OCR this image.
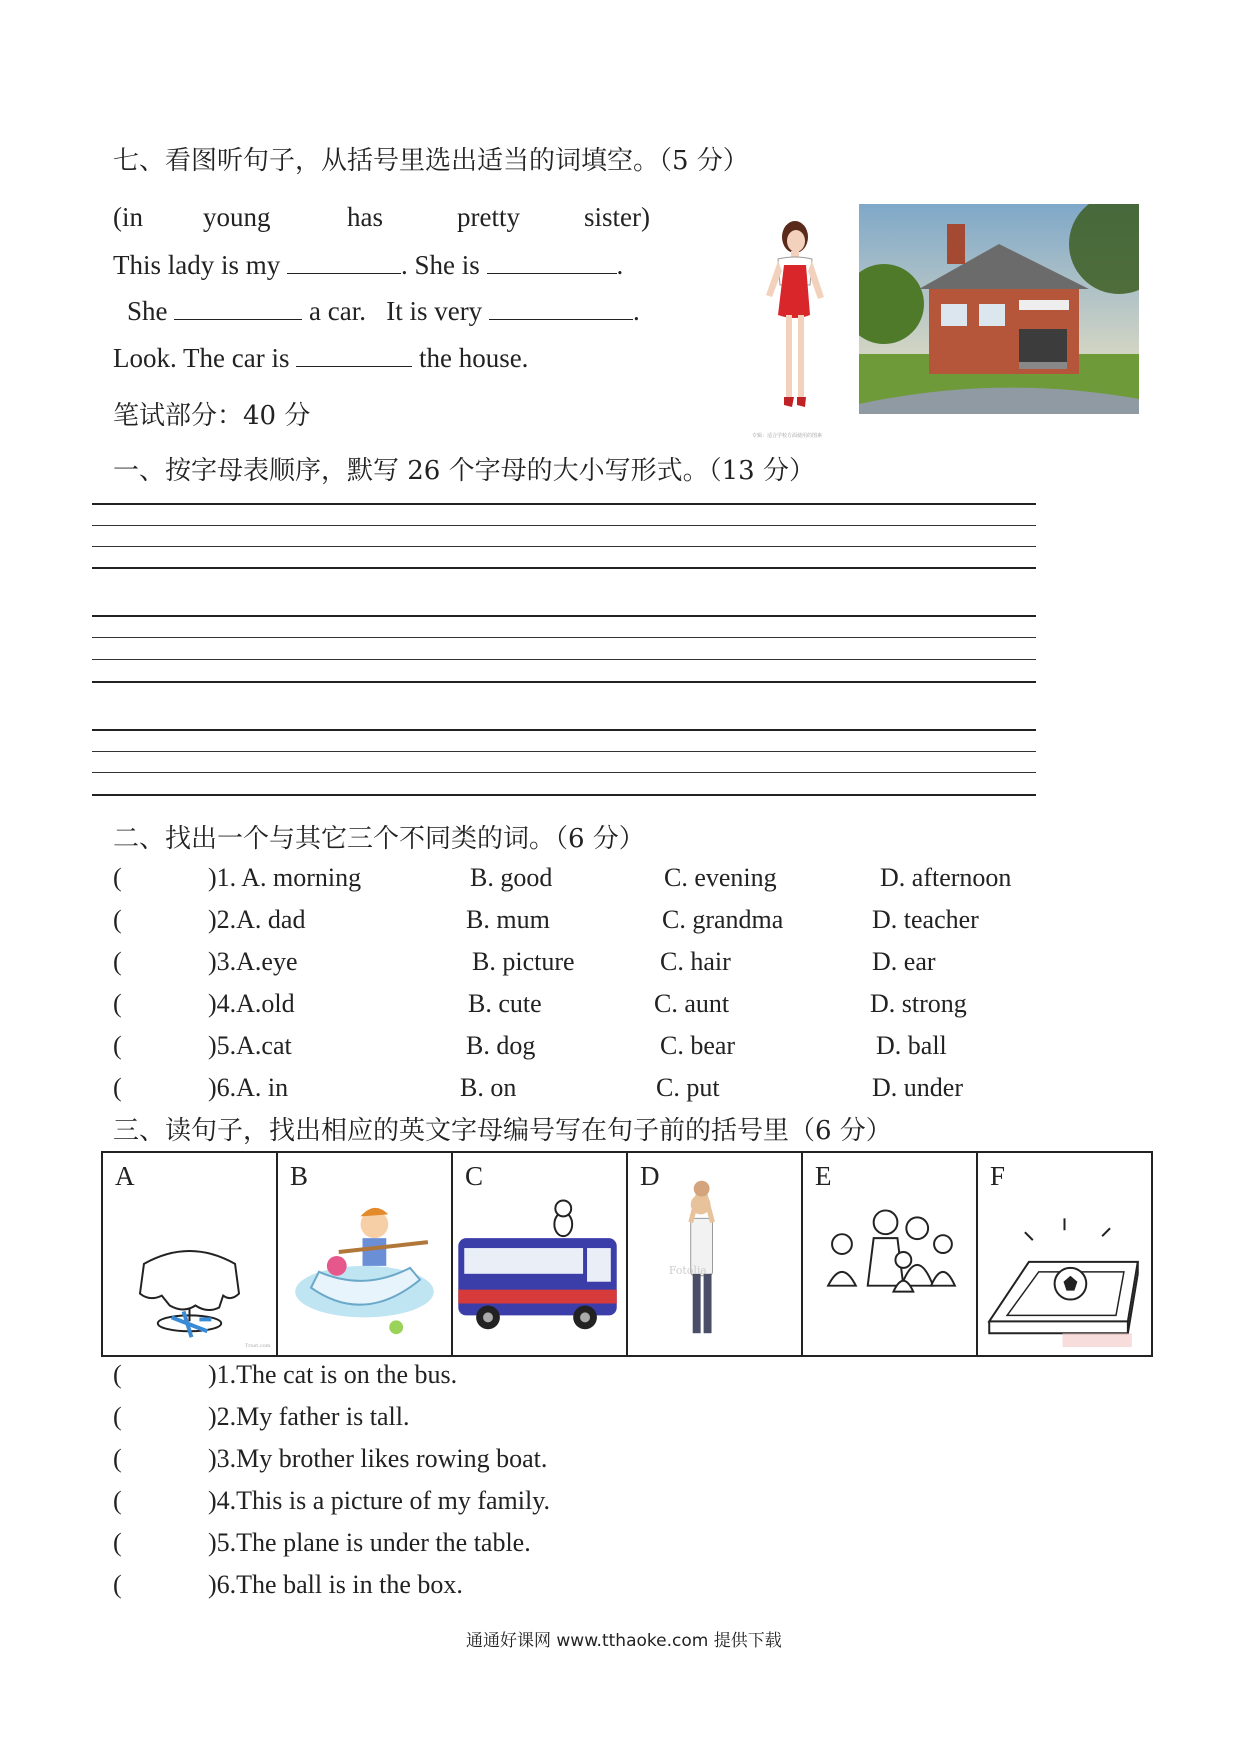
七、看图听句子，从括号里选出适当的词填空。（5 分）
(in young	has	pretty sister)
This lady is my	. She is	.
She	a car. It is very	.
Look. The car is	the house.
专辑：适合学校方面使用的图素
笔试部分：40 分
一、按字母表顺序，默写 26 个字母的大小写形式。（13 分）
二、找出一个与其它三个不同类的词。（6 分）
(	)1. A. morning	B. good	C. evening	D. afternoon
(	)2.A. dad	B. mum	C. grandma	D. teacher
(	)3.A.eye	B. picture	C. hair	D. ear
(	)4.A.old	B. cute	C. aunt	D. strong
(	)5.A.cat	B. dog	C. bear	D. ball
(	)6.A. in	B. on	C. put	D. under
三、读句子，找出相应的英文字母编号写在句子前的括号里（6 分）
A
Trust.com

B	C	D
Fotolia

E	F
(	)1.The cat is on the bus.
(	)2.My father is tall.
(	)3.My brother likes rowing boat.
(	)4.This is a picture of my family.
(	)5.The plane is under the table.
(	)6.The ball is in the box.
通通好课网 www.tthaoke.com 提供下载
